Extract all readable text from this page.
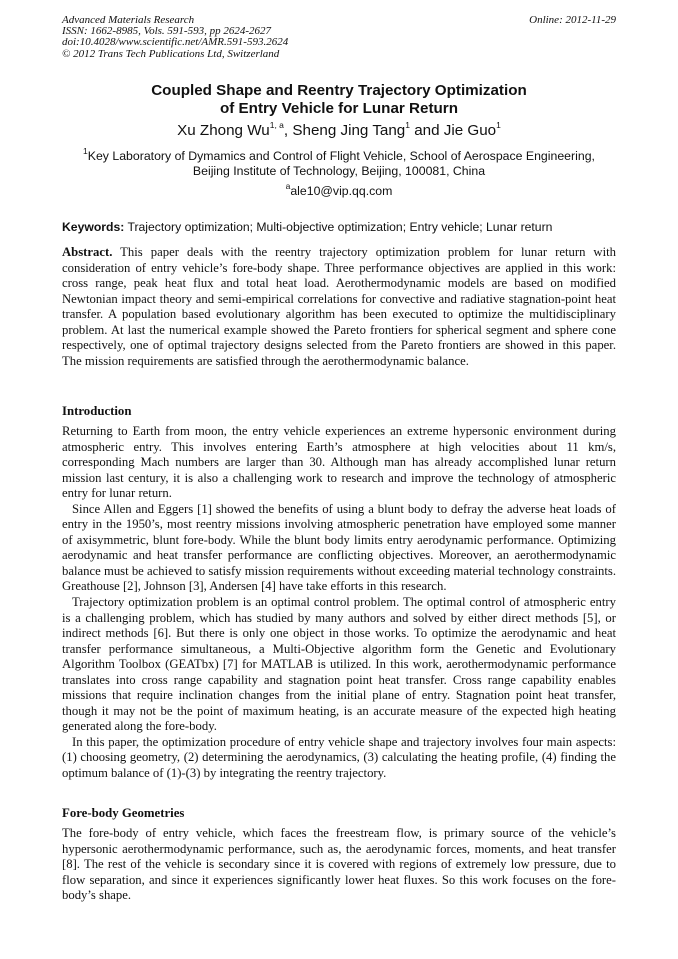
Advanced Materials Research
ISSN: 1662-8985, Vols. 591-593, pp 2624-2627
doi:10.4028/www.scientific.net/AMR.591-593.2624
© 2012 Trans Tech Publications Ltd, Switzerland
Online: 2012-11-29
Coupled Shape and Reentry Trajectory Optimization
of Entry Vehicle for Lunar Return
Xu Zhong Wu$^{1, a}$, Sheng Jing Tang$^1$ and Jie Guo$^1$
$^1$Key Laboratory of Dymamics and Control of Flight Vehicle, School of Aerospace Engineering,
Beijing Institute of Technology, Beijing, 100081, China
$^a$ale10@vip.qq.com
Keywords: Trajectory optimization; Multi-objective optimization; Entry vehicle; Lunar return
Abstract. This paper deals with the reentry trajectory optimization problem for lunar return with consideration of entry vehicle’s fore-body shape. Three performance objectives are applied in this work: cross range, peak heat flux and total heat load. Aerothermodynamic models are based on modified Newtonian impact theory and semi-empirical correlations for convective and radiative stagnation-point heat transfer. A population based evolutionary algorithm has been executed to optimize the multidisciplinary problem. At last the numerical example showed the Pareto frontiers for spherical segment and sphere cone respectively, one of optimal trajectory designs selected from the Pareto frontiers are showed in this paper. The mission requirements are satisfied through the aerothermodynamic balance.
Introduction

Returning to Earth from moon, the entry vehicle experiences an extreme hypersonic environment during atmospheric entry. This involves entering Earth’s atmosphere at high velocities about 11 km/s, corresponding Mach numbers are larger than 30. Although man has already accomplished lunar return mission last century, it is also a challenging work to research and improve the technology of atmospheric entry for lunar return.

Since Allen and Eggers [1] showed the benefits of using a blunt body to defray the adverse heat loads of entry in the 1950’s, most reentry missions involving atmospheric penetration have employed some manner of axisymmetric, blunt fore-body. While the blunt body limits entry aerodynamic performance. Optimizing aerodynamic and heat transfer performance are conflicting objectives. Moreover, an aerothermodynamic balance must be achieved to satisfy mission requirements without exceeding material technology constraints. Greathouse [2], Johnson [3], Andersen [4] have take efforts in this research.

Trajectory optimization problem is an optimal control problem. The optimal control of atmospheric entry is a challenging problem, which has studied by many authors and solved by either direct methods [5], or indirect methods [6]. But there is only one object in those works. To optimize the aerodynamic and heat transfer performance simultaneous, a Multi-Objective algorithm form the Genetic and Evolutionary Algorithm Toolbox (GEATbx) [7] for MATLAB is utilized. In this work, aerothermodynamic performance translates into cross range capability and stagnation point heat transfer. Cross range capability enables missions that require inclination changes from the initial plane of entry. Stagnation point heat transfer, though it may not be the point of maximum heating, is an accurate measure of the expected high heating generated along the fore-body.

In this paper, the optimization procedure of entry vehicle shape and trajectory involves four main aspects: (1) choosing geometry, (2) determining the aerodynamics, (3) calculating the heating profile, (4) finding the optimum balance of (1)-(3) by integrating the reentry trajectory.

Fore-body Geometries

The fore-body of entry vehicle, which faces the freestream flow, is primary source of the vehicle’s hypersonic aerothermodynamic performance, such as, the aerodynamic forces, moments, and heat transfer [8]. The rest of the vehicle is secondary since it is covered with regions of extremely low pressure, due to flow separation, and since it experiences significantly lower heat fluxes. So this work focuses on the fore-body’s shape.
